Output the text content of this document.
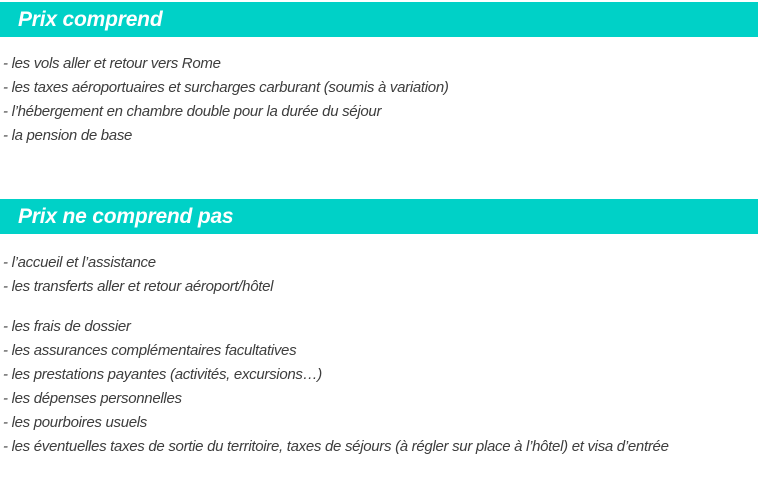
Prix comprend

- les vols aller et retour vers Rome

- les taxes aéroportuaires et surcharges carburant (soumis à variation)

- l’hébergement en chambre double pour la durée du séjour

- la pension de base

Prix ne comprend pas

- l’accueil et l’assistance

- les transferts aller et retour aéroport/hôtel

- les frais de dossier

- les assurances complémentaires facultatives

- les prestations payantes (activités, excursions…)

- les dépenses personnelles

- les pourboires usuels

- les éventuelles taxes de sortie du territoire, taxes de séjours (à régler sur place à l’hôtel) et visa d’entrée
